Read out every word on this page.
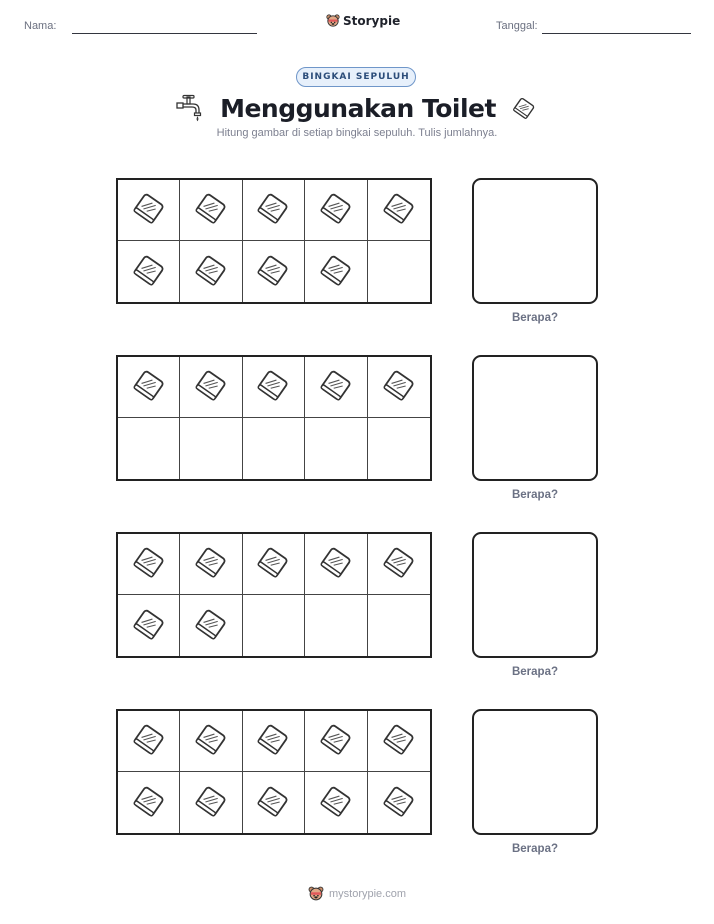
Nama:	Storypie	Tanggal:
BINGKAI SEPULUH
Menggunakan Toilet
Hitung gambar di setiap bingkai sepuluh. Tulis jumlahnya.
Berapa?
Berapa?
Berapa?
Berapa?
mystorypie.com
